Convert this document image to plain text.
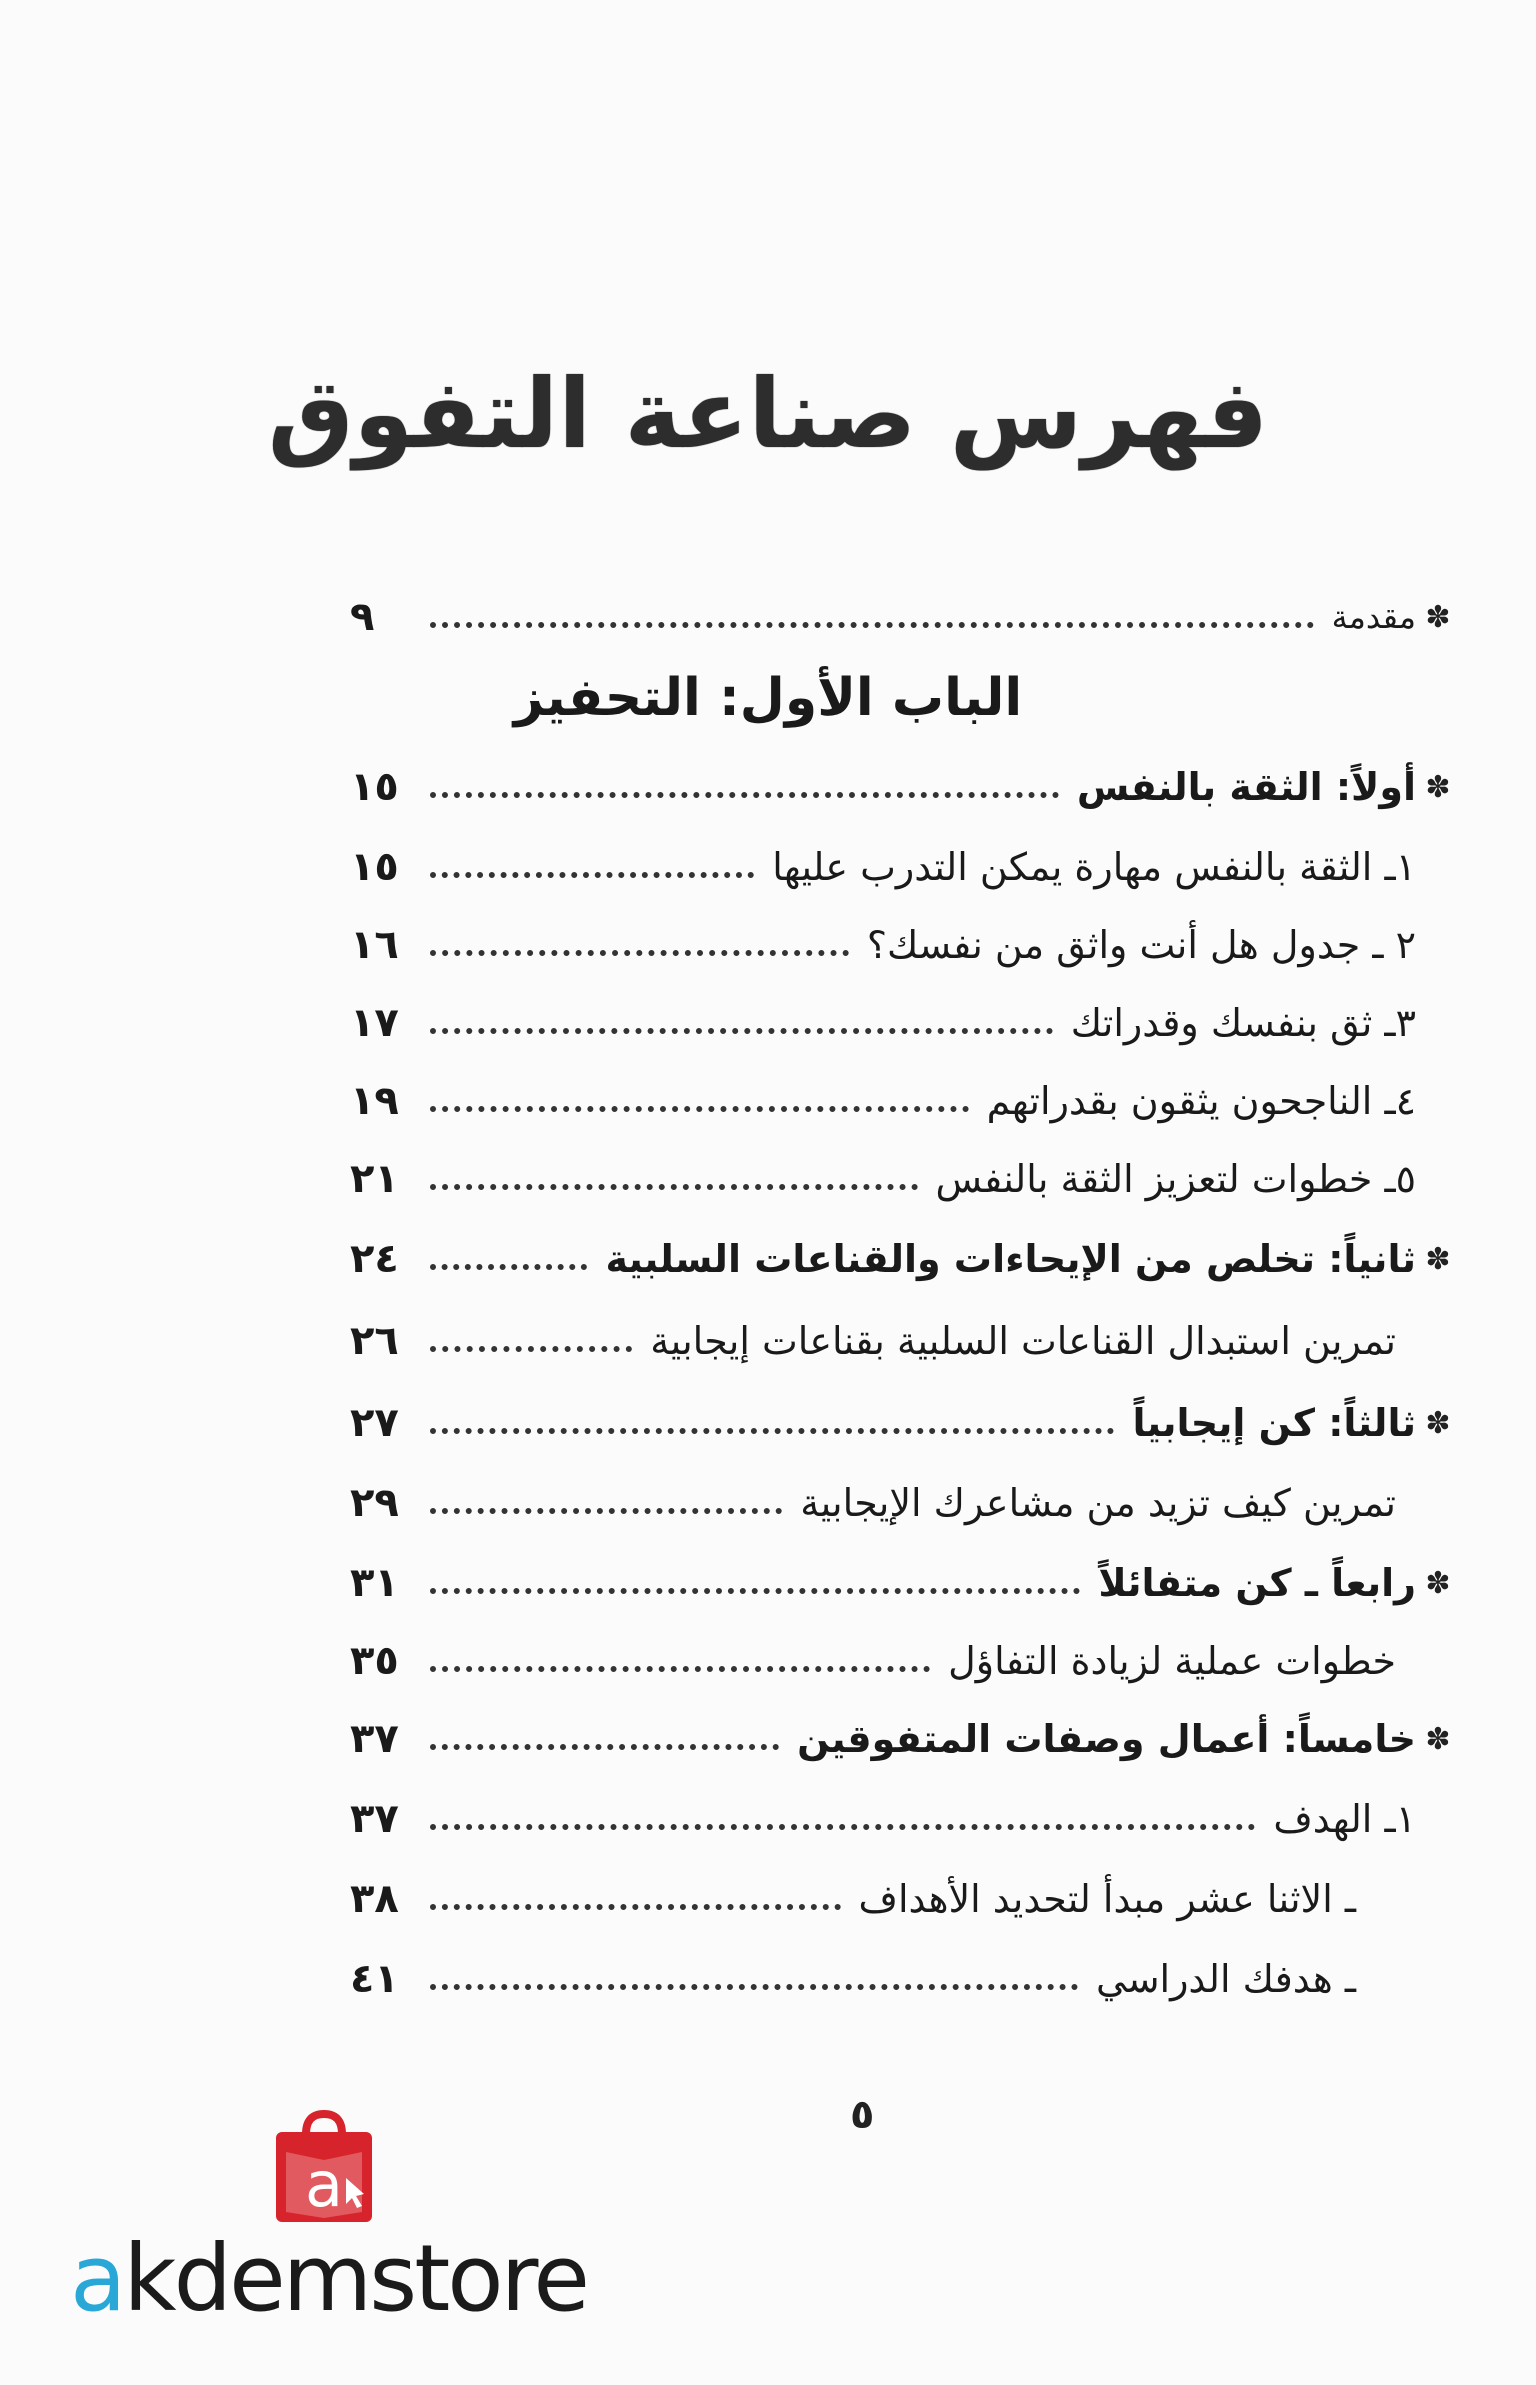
فهرس صناعة التفوق
✽
مقدمة
٩
الباب الأول: التحفيز
✽
أولاً: الثقة بالنفس
١٥
١ـ الثقة بالنفس مهارة يمكن التدرب عليها
١٥
٢ ـ جدول هل أنت واثق من نفسك؟
١٦
٣ـ ثق بنفسك وقدراتك
١٧
٤ـ الناجحون يثقون بقدراتهم
١٩
٥ـ خطوات لتعزيز الثقة بالنفس
٢١
✽
ثانياً: تخلص من الإيحاءات والقناعات السلبية
٢٤
تمرين استبدال القناعات السلبية بقناعات إيجابية
٢٦
✽
ثالثاً: كن إيجابياً
٢٧
تمرين كيف تزيد من مشاعرك الإيجابية
٢٩
✽
رابعاً ـ كن متفائلاً
٣١
خطوات عملية لزيادة التفاؤل
٣٥
✽
خامساً: أعمال وصفات المتفوقين
٣٧
١ـ الهدف
٣٧
ـ الاثنا عشر مبدأ لتحديد الأهداف
٣٨
ـ هدفك الدراسي
٤١
٥
a
akdemstore
